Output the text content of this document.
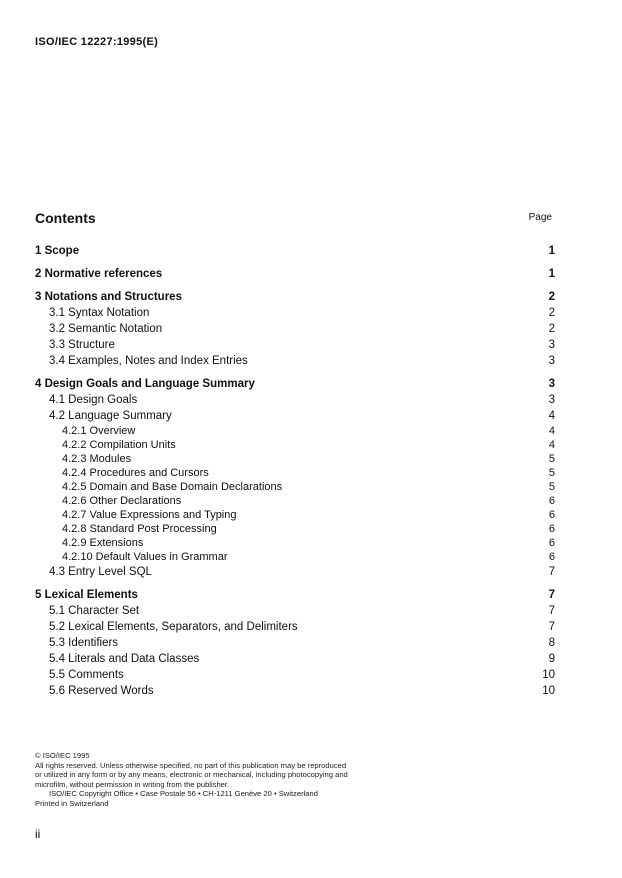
ISO/IEC 12227:1995(E)
Contents	Page
1 Scope	1
2 Normative references	1
3 Notations and Structures	2
3.1 Syntax Notation	2
3.2 Semantic Notation	2
3.3 Structure	3
3.4 Examples, Notes and Index Entries	3
4 Design Goals and Language Summary	3
4.1 Design Goals	3
4.2 Language Summary	4
4.2.1 Overview	4
4.2.2 Compilation Units	4
4.2.3 Modules	5
4.2.4 Procedures and Cursors	5
4.2.5 Domain and Base Domain Declarations	5
4.2.6 Other Declarations	6
4.2.7 Value Expressions and Typing	6
4.2.8 Standard Post Processing	6
4.2.9 Extensions	6
4.2.10 Default Values in Grammar	6
4.3 Entry Level SQL	7
5 Lexical Elements	7
5.1 Character Set	7
5.2 Lexical Elements, Separators, and Delimiters	7
5.3 Identifiers	8
5.4 Literals and Data Classes	9
5.5 Comments	10
5.6 Reserved Words	10
© ISO/IEC 1995
All rights reserved. Unless otherwise specified, no part of this publication may be reproduced
or utilized in any form or by any means, electronic or mechanical, including photocopying and
microfilm, without permission in writing from the publisher.
ISO/IEC Copyright Office • Case Postale 56 • CH-1211 Genève 20 • Switzerland
Printed in Switzerland
ii
